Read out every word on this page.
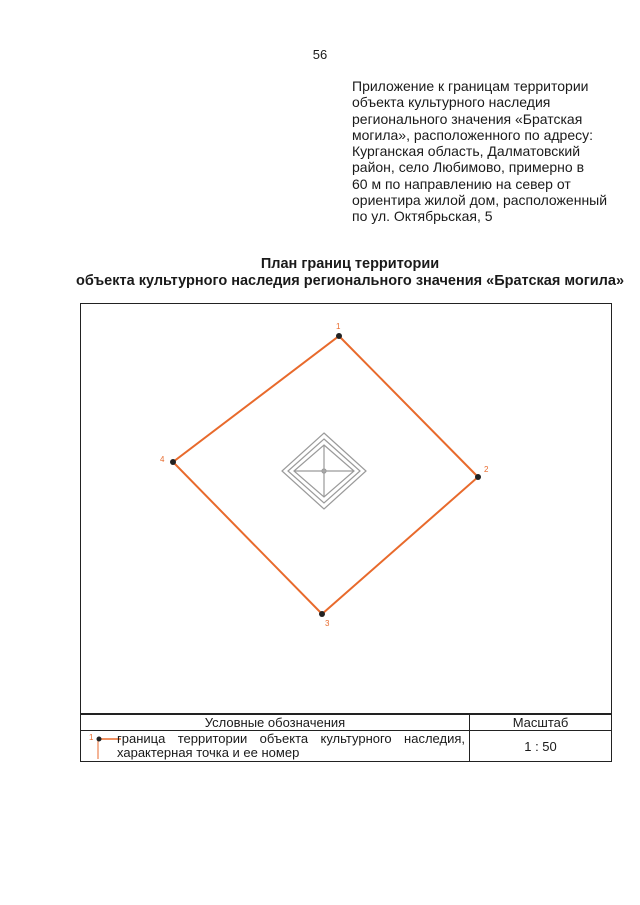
56
Приложение к границам территории
объекта культурного наследия
регионального значения «Братская
могила», расположенного по адресу:
Курганская область, Далматовский
район, село Любимово, примерно в
60 м по направлению на север от
ориентира жилой дом, расположенный
по ул. Октябрьская, 5
План границ территории
объекта культурного наследия регионального значения «Братская могила»
1
2
3
4
Условные обозначения	Масштаб

1 граница территории объекта культурного наследия, характерная точка и ее номер	1 : 50
